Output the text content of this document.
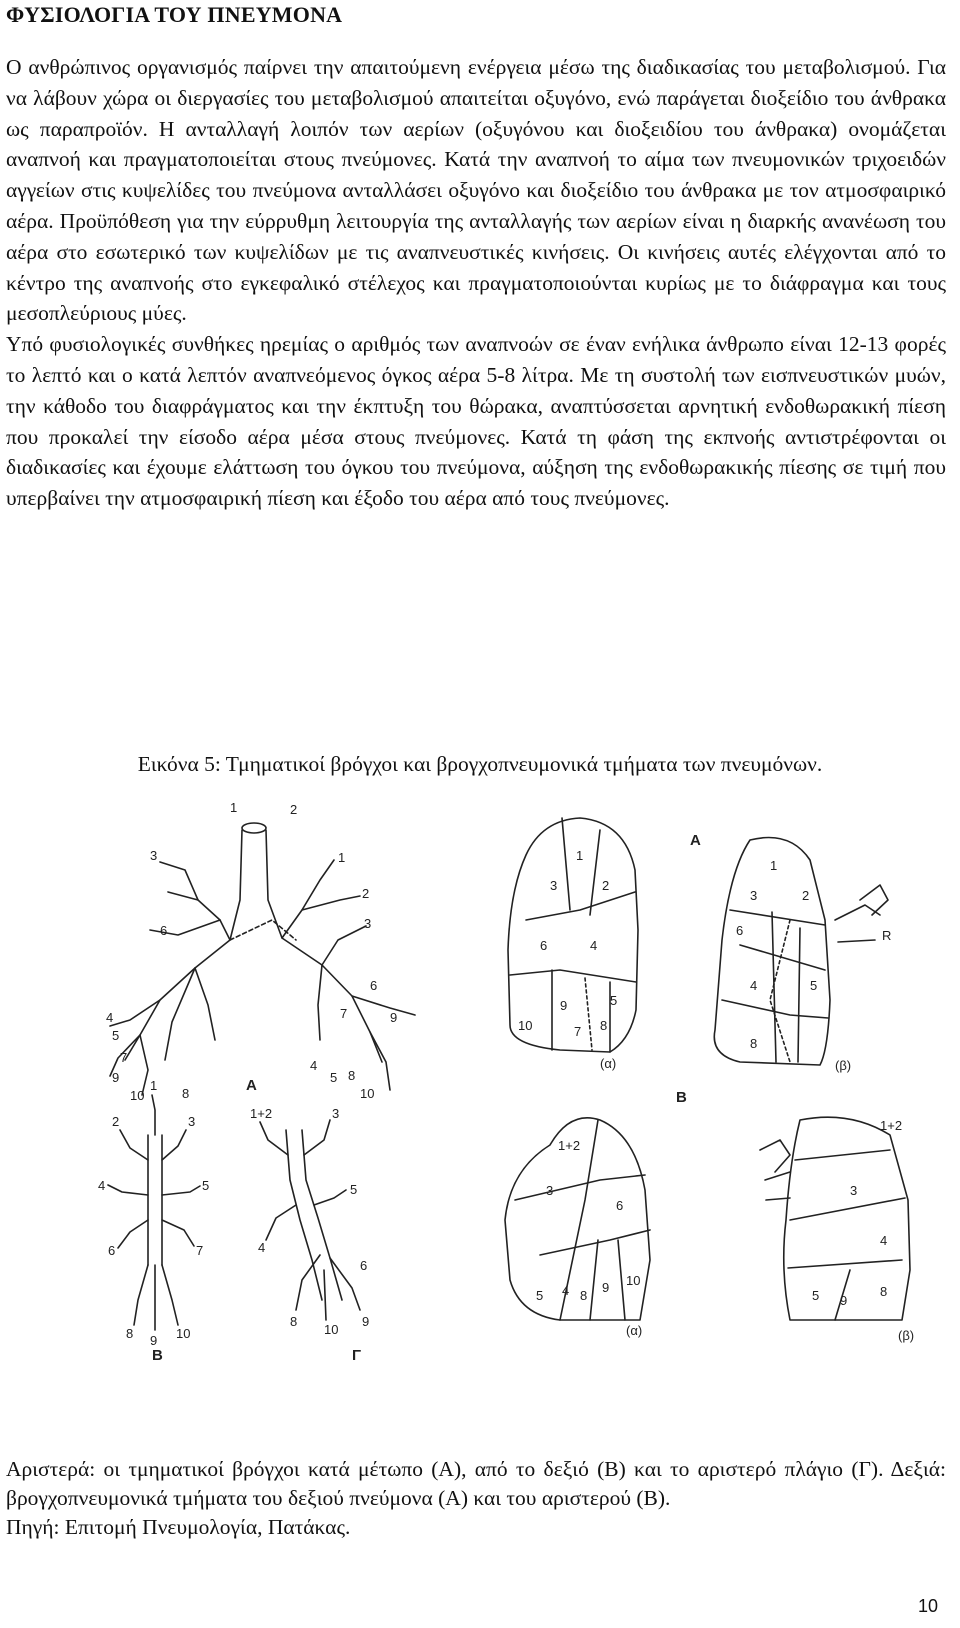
ΦΥΣΙΟΛΟΓΙΑ ΤΟΥ ΠΝΕΥΜΟΝΑ

Ο ανθρώπινος οργανισμός παίρνει την απαιτούμενη ενέργεια μέσω της διαδικασίας του μεταβολισμού. Για να λάβουν χώρα οι διεργασίες του μεταβολισμού απαιτείται οξυγόνο, ενώ παράγεται διοξείδιο του άνθρακα ως παραπροϊόν. Η ανταλλαγή λοιπόν των αερίων (οξυγόνου και διοξειδίου του άνθρακα) ονομάζεται αναπνοή και πραγματοποιείται στους πνεύμονες. Κατά την αναπνοή το αίμα των πνευμονικών τριχοειδών αγγείων στις κυψελίδες του πνεύμονα ανταλλάσει οξυγόνο και διοξείδιο του άνθρακα με τον ατμοσφαιρικό αέρα. Προϋπόθεση για την εύρρυθμη λειτουργία της ανταλλαγής των αερίων είναι η διαρκής ανανέωση του αέρα στο εσωτερικό των κυψελίδων με τις αναπνευστικές κινήσεις. Οι κινήσεις αυτές ελέγχονται από το κέντρο της αναπνοής στο εγκεφαλικό στέλεχος και πραγματοποιούνται κυρίως με το διάφραγμα και τους μεσοπλεύριους μύες.

Υπό φυσιολογικές συνθήκες ηρεμίας ο αριθμός των αναπνοών σε έναν ενήλικα άνθρωπο είναι 12-13 φορές το λεπτό και ο κατά λεπτόν αναπνεόμενος όγκος αέρα 5-8 λίτρα. Με τη συστολή των εισπνευστικών μυών, την κάθοδο του διαφράγματος και την έκπτυξη του θώρακα, αναπτύσσεται αρνητική ενδοθωρακική πίεση που προκαλεί την είσοδο αέρα μέσα στους πνεύμονες. Κατά τη φάση της εκπνοής αντιστρέφονται οι διαδικασίες και έχουμε ελάττωση του όγκου του πνεύμονα, αύξηση της ενδοθωρακικής πίεσης σε τιμή που υπερβαίνει την ατμοσφαιρική πίεση και έξοδο του αέρα από τους πνεύμονες.

Εικόνα 5: Τμηματικοί βρόγχοι και βρογχοπνευμονικά τμήματα των πνευμόνων.
1	2
3
4
5
6
7
8
9
10
1
2
3
4
5
6
7
8
9
10
A
1
2	3
4	5
6	7
8 9 10
B
1+2	3
4
5
6
8	9
10
Γ
A
1
2
3
4
5
6
7 8
9
10
(α)
1
2
3
4	5
6
8
R
(β)
B
1+2
3
4
5
6
8
9 10
(α)
1+2
3
4
5	8
9
(β)

Αριστερά: οι τμηματικοί βρόγχοι κατά μέτωπο (Α), από το δεξιό (Β) και το αριστερό πλάγιο (Γ). Δεξιά: βρογχοπνευμονικά τμήματα του δεξιού πνεύμονα (Α) και του αριστερού (Β).

Πηγή: Επιτομή Πνευμολογία, Πατάκας.

10
